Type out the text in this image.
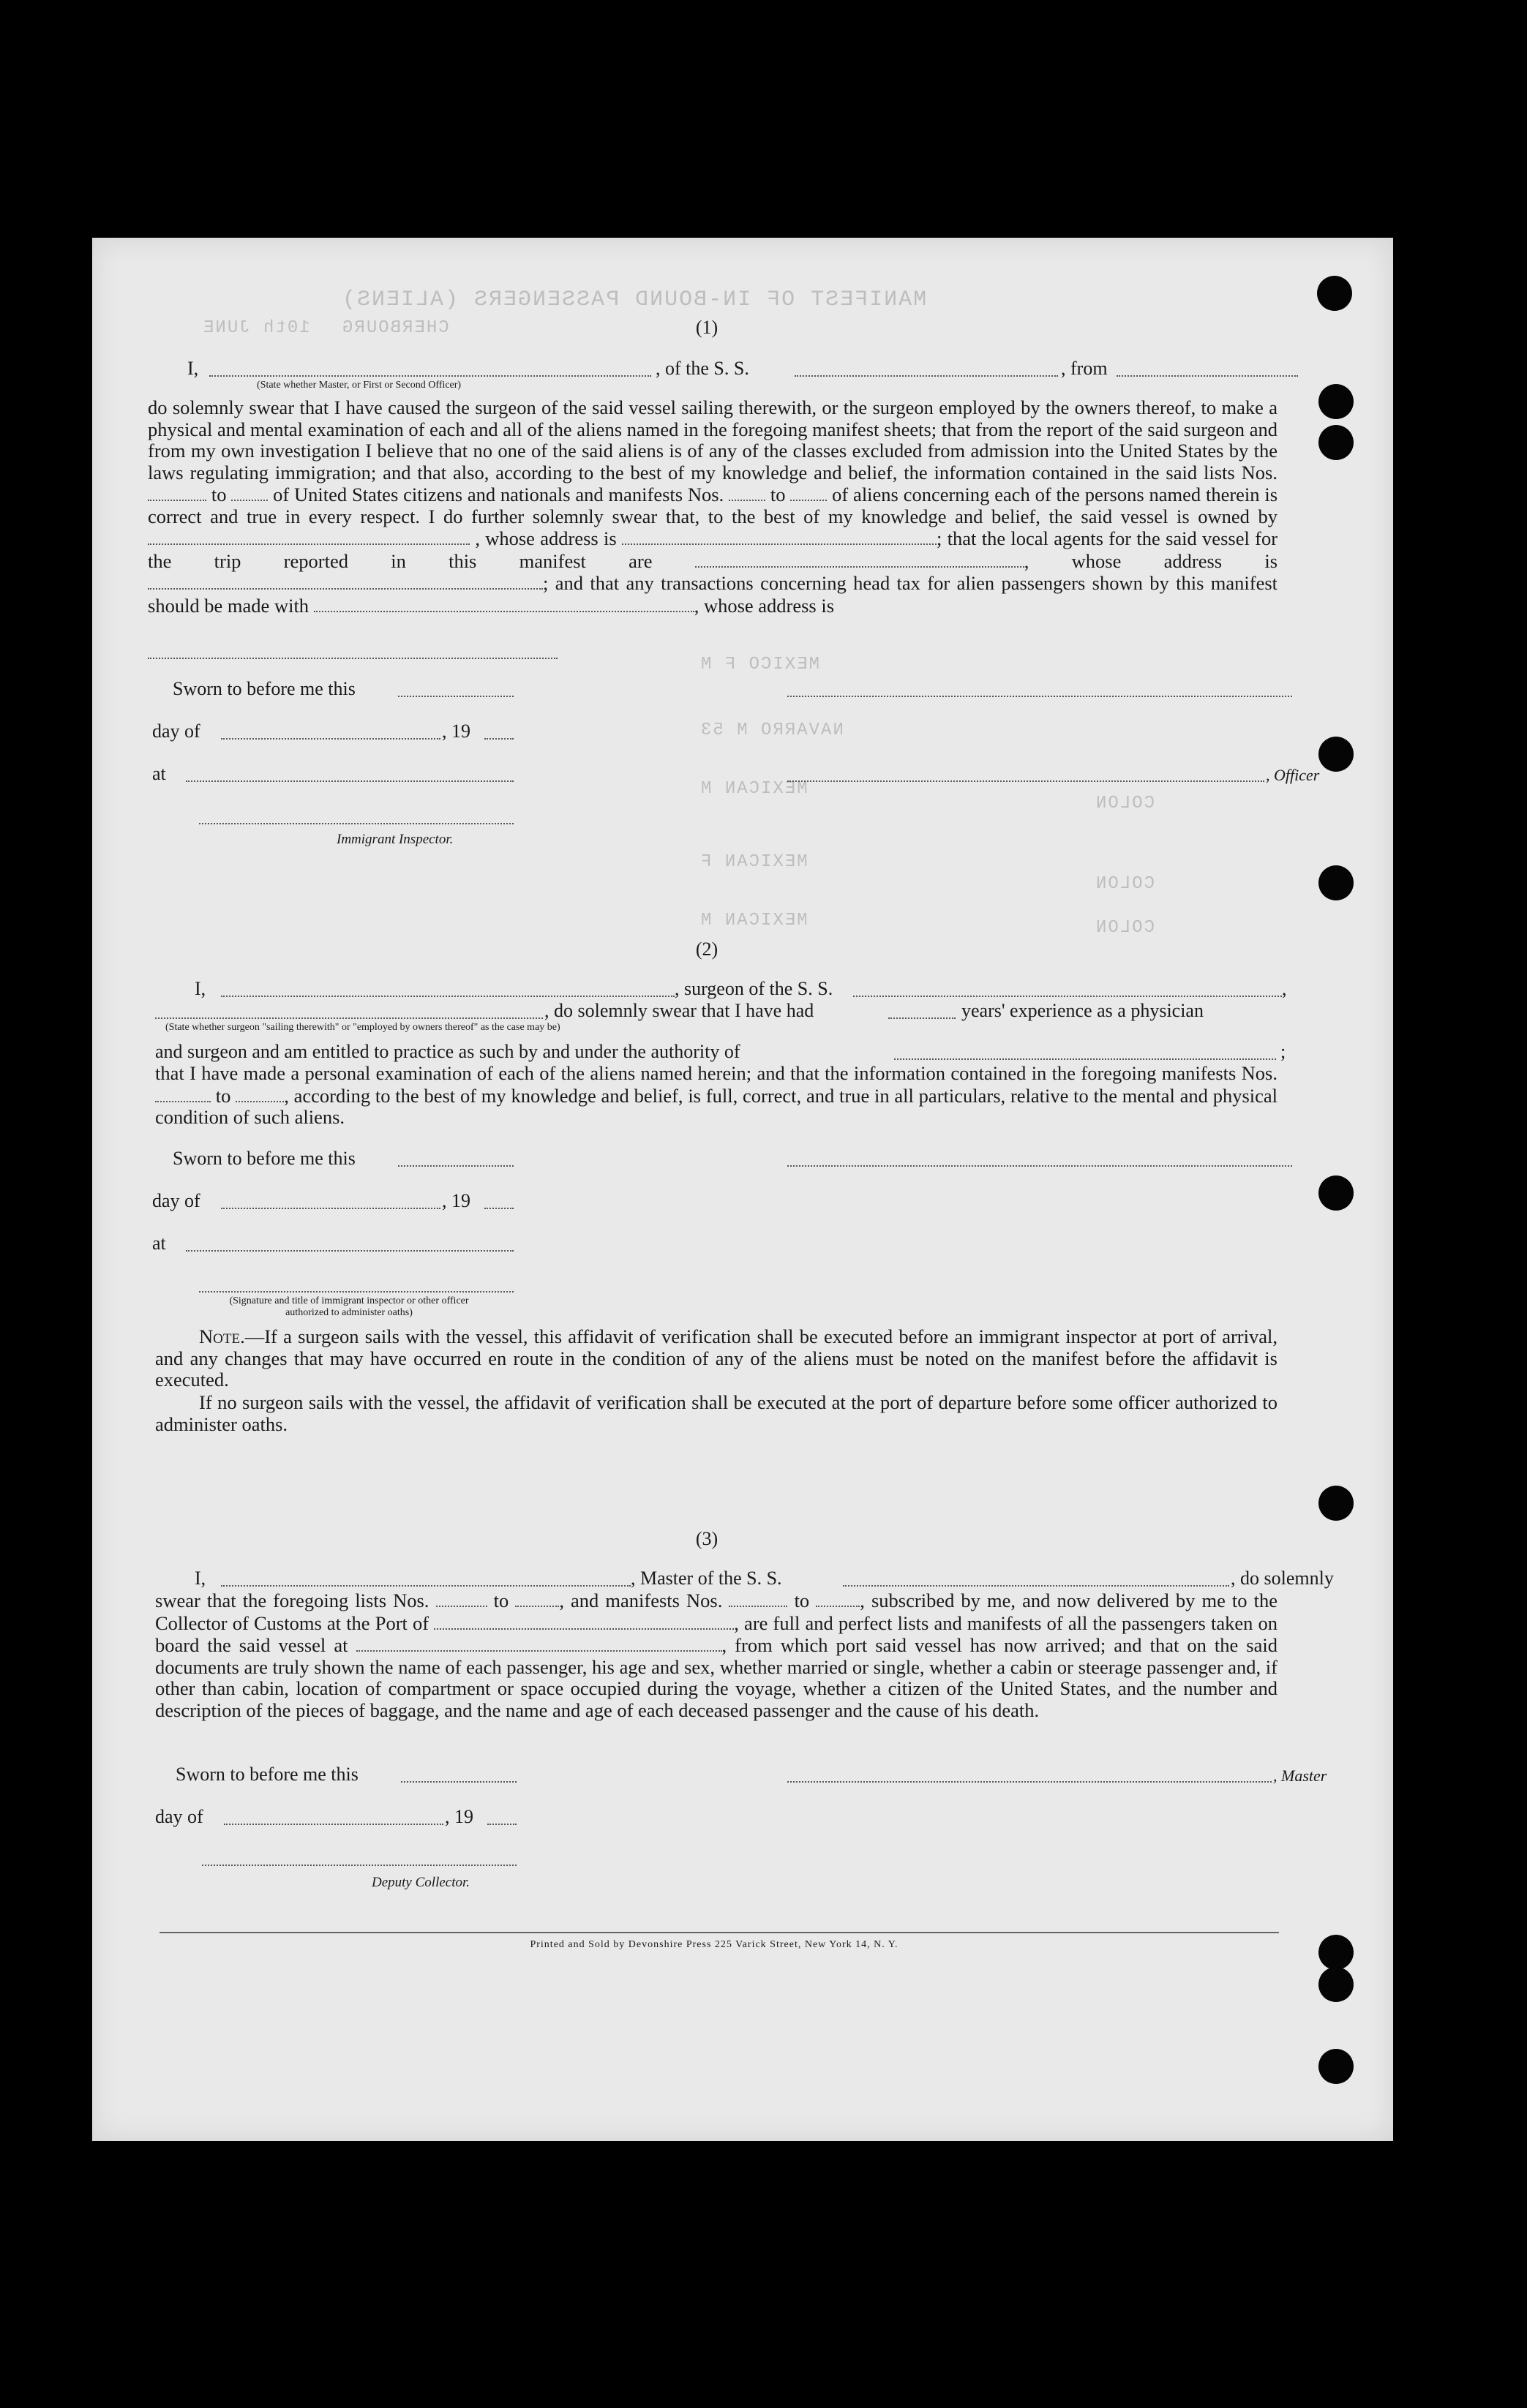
MANIFEST OF IN-BOUND PASSENGERS (ALIENS)
CHERBOURG
10th JUNE
MEXICO F M
NAVARRO M 53
MEXICAN M
COLON
MEXICAN F
COLON
MEXICAN M	COLON
(1)
I,	, of the S. S.	, from
(State whether Master, or First or Second Officer)
do solemnly swear that I have caused the surgeon of the said vessel sailing therewith, or the surgeon employed by the owners thereof, to make a physical and mental examination of each and all of the aliens named in the foregoing manifest sheets; that from the report of the said surgeon and from my own investigation I believe that no one of the said aliens is of any of the classes excluded from admission into the United States by the laws regulating immigration; and that also, according to the best of my knowledge and belief, the information contained in the said lists Nos.  to of United States citizens and nationals and manifests Nos. to of aliens concerning each of the persons named therein is correct and true in every respect. I do further solemnly swear that, to the best of my knowledge and belief, the said vessel is owned by  , whose address is	; that the local agents for the said vessel for the trip reported in this manifest are	, whose address is ; and that any transactions concerning head tax for alien passengers shown by this manifest should be made with	, whose address is
Sworn to before me this
day of	, 19
at	, Officer
Immigrant Inspector.
(2)
I,	, surgeon of the S. S.	,
, do solemnly swear that I have had	years' experience as a physician
(State whether surgeon "sailing therewith" or "employed by owners thereof" as the case may be)
and surgeon and am entitled to practice as such by and under the authority of	;
that I have made a personal examination of each of the aliens named herein; and that the information contained in the foregoing manifests Nos.  to	, according to the best of my knowledge and belief, is full, correct, and true in all particulars, relative to the mental and physical condition of such aliens.
Sworn to before me this
day of	, 19
at
(Signature and title of immigrant inspector or other officer authorized to administer oaths)
Note.—If a surgeon sails with the vessel, this affidavit of verification shall be executed before an immigrant inspector at port of arrival, and any changes that may have occurred en route in the condition of any of the aliens must be noted on the manifest before the affidavit is executed.
If no surgeon sails with the vessel, the affidavit of verification shall be executed at the port of departure before some officer authorized to administer oaths.
(3)
I,	, Master of the S. S.	, do solemnly
swear that the foregoing lists Nos.	to	, and manifests Nos.	to	, subscribed by me, and now delivered by me to the Collector of Customs at the Port of	, are full and perfect lists and manifests of all the passengers taken on board the said vessel at	, from which port said vessel has now arrived; and that on the said documents are truly shown the name of each passenger, his age and sex, whether married or single, whether a cabin or steerage passenger and, if other than cabin, location of compartment or space occupied during the voyage, whether a citizen of the United States, and the number and description of the pieces of baggage, and the name and age of each deceased passenger and the cause of his death.
Sworn to before me this	, Master
day of	, 19
Deputy Collector.
Printed and Sold by Devonshire Press 225 Varick Street, New York 14, N. Y.
